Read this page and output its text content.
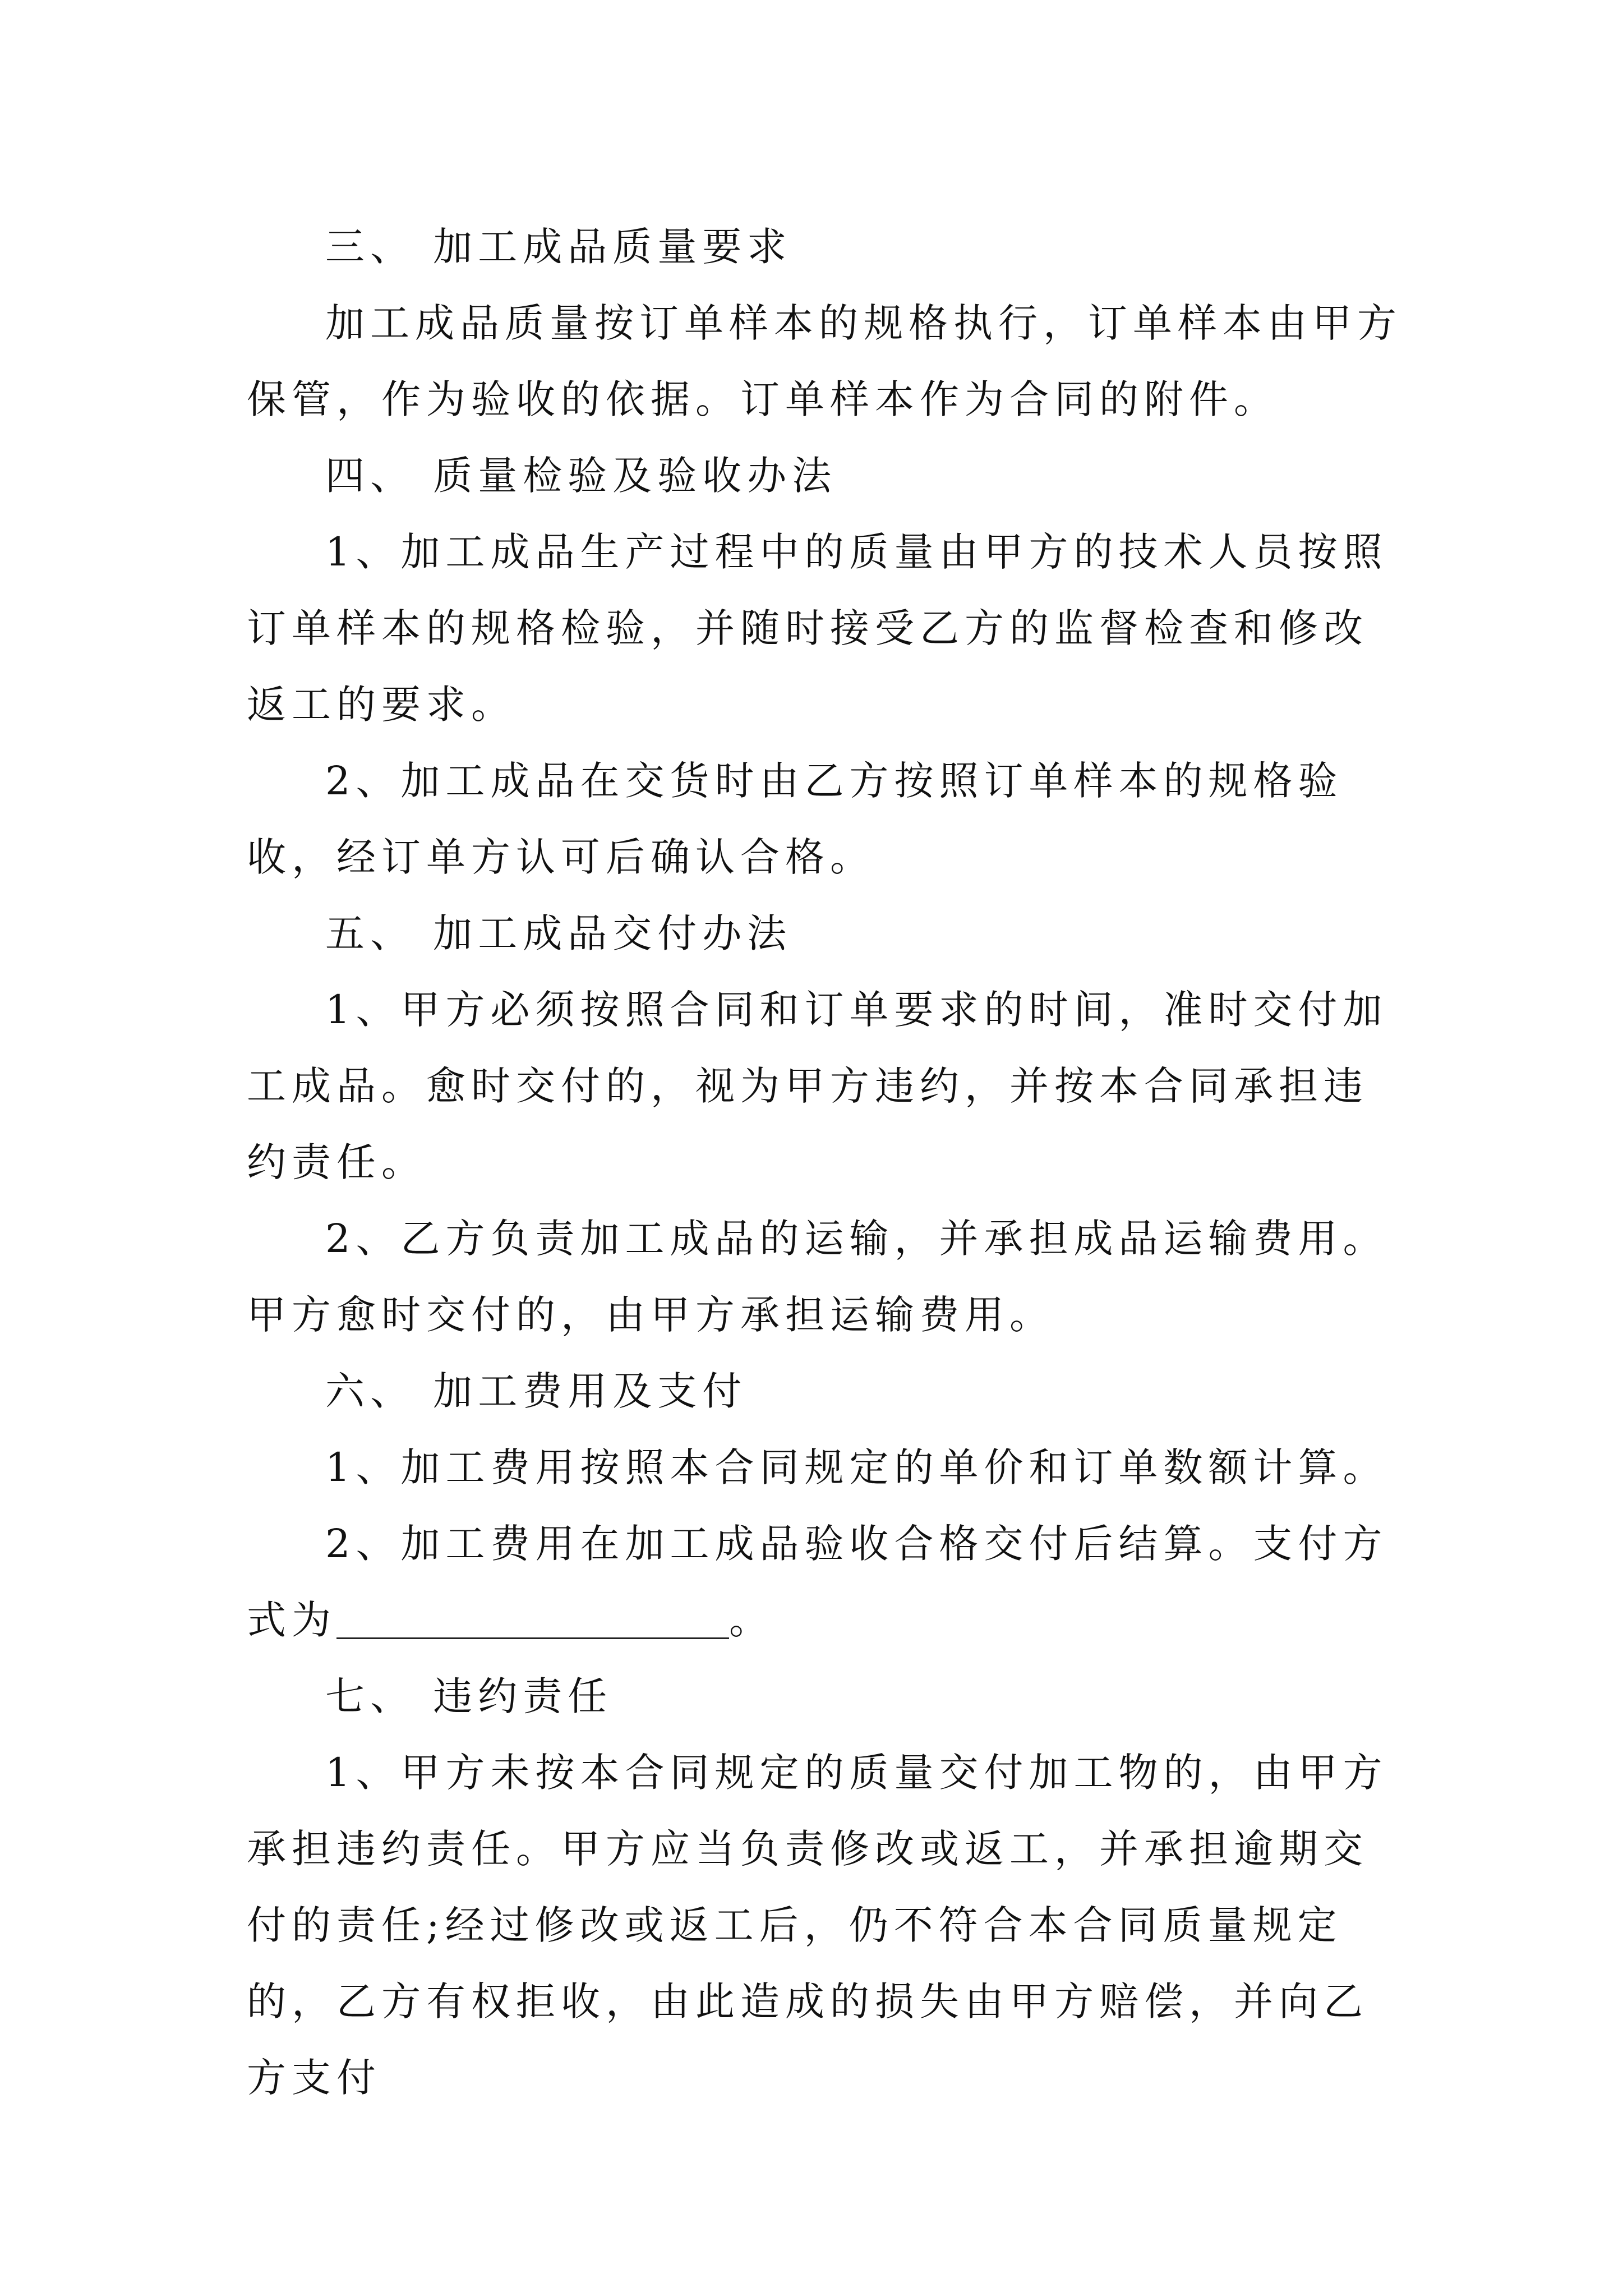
三、 加工成品质量要求

加工成品质量按订单样本的规格执行，订单样本由甲方保管，作为验收的依据。订单样本作为合同的附件。

四、 质量检验及验收办法

1、加工成品生产过程中的质量由甲方的技术人员按照订单样本的规格检验，并随时接受乙方的监督检查和修改返工的要求。

2、加工成品在交货时由乙方按照订单样本的规格验收，经订单方认可后确认合格。

五、 加工成品交付办法

1、甲方必须按照合同和订单要求的时间，准时交付加工成品。愈时交付的，视为甲方违约，并按本合同承担违约责任。

2、乙方负责加工成品的运输，并承担成品运输费用。甲方愈时交付的，由甲方承担运输费用。

六、 加工费用及支付

1、加工费用按照本合同规定的单价和订单数额计算。

2、加工费用在加工成品验收合格交付后结算。支付方式为	。

七、 违约责任

1、甲方未按本合同规定的质量交付加工物的，由甲方承担违约责任。甲方应当负责修改或返工，并承担逾期交付的责任;经过修改或返工后，仍不符合本合同质量规定的，乙方有权拒收，由此造成的损失由甲方赔偿，并向乙方支付
